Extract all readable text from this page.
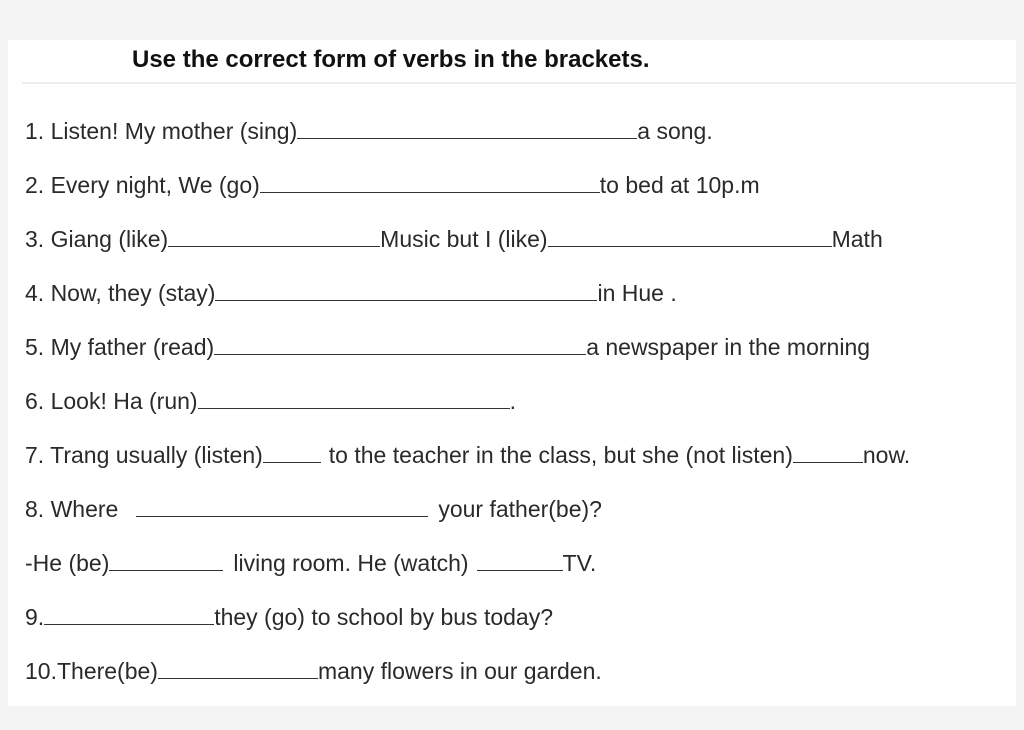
Use the correct form of verbs in the brackets.
1. Listen! My mother (sing)	a song.
2. Every night, We (go)	to bed at 10p.m
3. Giang (like)	Music but I (like)	Math
4. Now, they (stay)	in Hue .
5. My father (read)	a newspaper in the morning
6. Look! Ha (run)	.
7. Trang usually (listen)	to the teacher in the class, but she (not listen)	now.
8. Where	your father(be)?
-He (be)	living room. He (watch)	TV.
9.	they (go) to school by bus today?
10.There(be)	many flowers in our garden.
